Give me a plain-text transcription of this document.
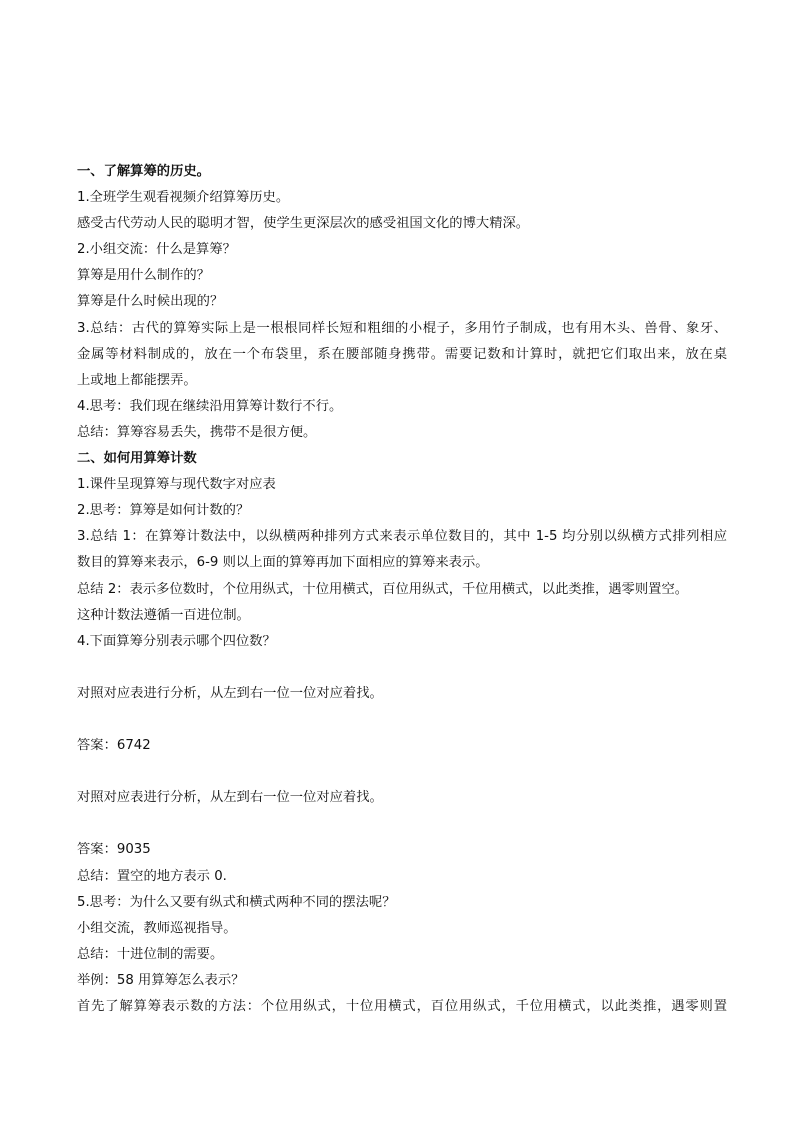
一、了解算筹的历史。
1.全班学生观看视频介绍算筹历史。
感受古代劳动人民的聪明才智，使学生更深层次的感受祖国文化的博大精深。
2.小组交流：什么是算筹？
算筹是用什么制作的？
算筹是什么时候出现的？
3.总结：古代的算筹实际上是一根根同样长短和粗细的小棍子，多用竹子制成，也有用木头、兽骨、象牙、
金属等材料制成的，放在一个布袋里，系在腰部随身携带。需要记数和计算时，就把它们取出来，放在桌
上或地上都能摆弄。
4.思考：我们现在继续沿用算筹计数行不行。
总结：算筹容易丢失，携带不是很方便。
二、如何用算筹计数
1.课件呈现算筹与现代数字对应表
2.思考：算筹是如何计数的？
3.总结 1：在算筹计数法中，以纵横两种排列方式来表示单位数目的，其中 1-5 均分别以纵横方式排列相应
数目的算筹来表示，6-9 则以上面的算筹再加下面相应的算筹来表示。
总结 2：表示多位数时，个位用纵式，十位用横式，百位用纵式，千位用横式，以此类推，遇零则置空。
这种计数法遵循一百进位制。
4.下面算筹分别表示哪个四位数？
对照对应表进行分析，从左到右一位一位对应着找。
答案：6742
对照对应表进行分析，从左到右一位一位对应着找。
答案：9035
总结：置空的地方表示 0.
5.思考：为什么又要有纵式和横式两种不同的摆法呢？
小组交流，教师巡视指导。
总结：十进位制的需要。
举例：58 用算筹怎么表示？
首先了解算筹表示数的方法：个位用纵式，十位用横式，百位用纵式，千位用横式，以此类推，遇零则置
